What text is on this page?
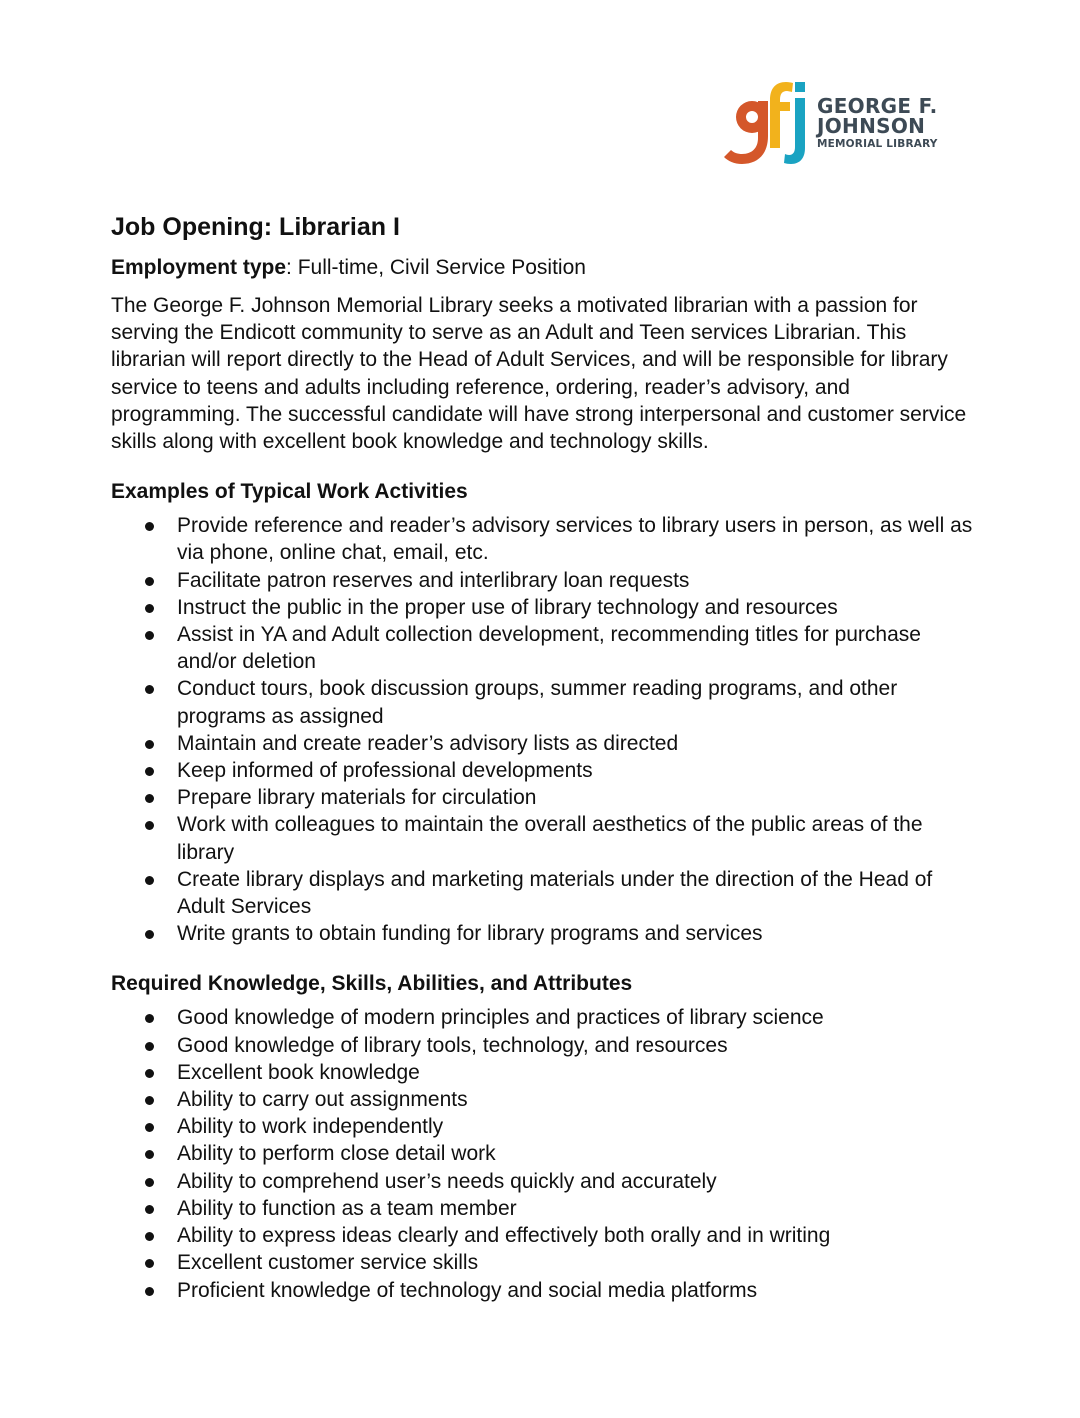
GEORGE F.
JOHNSON
MEMORIAL LIBRARY
Job Opening: Librarian I

Employment type: Full-time, Civil Service Position

The George F. Johnson Memorial Library seeks a motivated librarian with a passion for serving the Endicott community to serve as an Adult and Teen services Librarian. This librarian will report directly to the Head of Adult Services, and will be responsible for library service to teens and adults including reference, ordering, reader’s advisory, and programming. The successful candidate will have strong interpersonal and customer service skills along with excellent book knowledge and technology skills.

Examples of Typical Work Activities
Provide reference and reader’s advisory services to library users in person, as well as via phone, online chat, email, etc.
Facilitate patron reserves and interlibrary loan requests
Instruct the public in the proper use of library technology and resources
Assist in YA and Adult collection development, recommending titles for purchase and/or deletion
Conduct tours, book discussion groups, summer reading programs, and other programs as assigned
Maintain and create reader’s advisory lists as directed
Keep informed of professional developments
Prepare library materials for circulation
Work with colleagues to maintain the overall aesthetics of the public areas of the library
Create library displays and marketing materials under the direction of the Head of Adult Services
Write grants to obtain funding for library programs and services
Required Knowledge, Skills, Abilities, and Attributes
Good knowledge of modern principles and practices of library science
Good knowledge of library tools, technology, and resources
Excellent book knowledge
Ability to carry out assignments
Ability to work independently
Ability to perform close detail work
Ability to comprehend user’s needs quickly and accurately
Ability to function as a team member
Ability to express ideas clearly and effectively both orally and in writing
Excellent customer service skills
Proficient knowledge of technology and social media platforms
